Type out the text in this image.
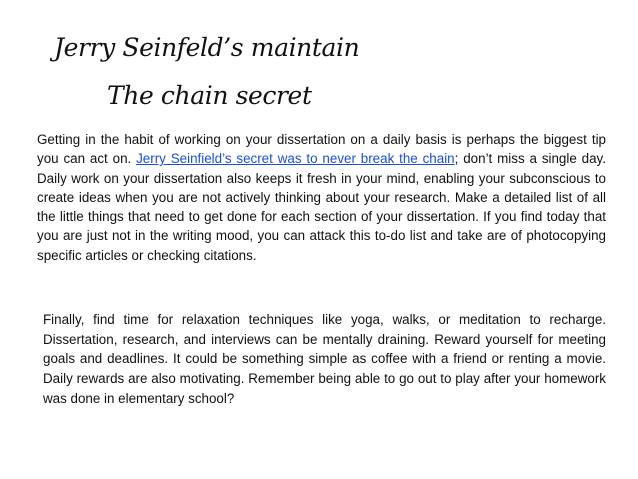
Jerry Seinfeld’s maintain
The chain secret
Getting in the habit of working on your dissertation on a daily basis is perhaps the biggest tip you can act on. Jerry Seinfield’s secret was to never break the chain; don’t miss a single day. Daily work on your dissertation also keeps it fresh in your mind, enabling your subconscious to create ideas when you are not actively thinking about your research. Make a detailed list of all the little things that need to get done for each section of your dissertation. If you find today that you are just not in the writing mood, you can attack this to-do list and take are of photocopying specific articles or checking citations.
Finally, find time for relaxation techniques like yoga, walks, or meditation to recharge. Dissertation, research, and interviews can be mentally draining. Reward yourself for meeting goals and deadlines. It could be something simple as coffee with a friend or renting a movie. Daily rewards are also motivating. Remember being able to go out to play after your homework was done in elementary school?
